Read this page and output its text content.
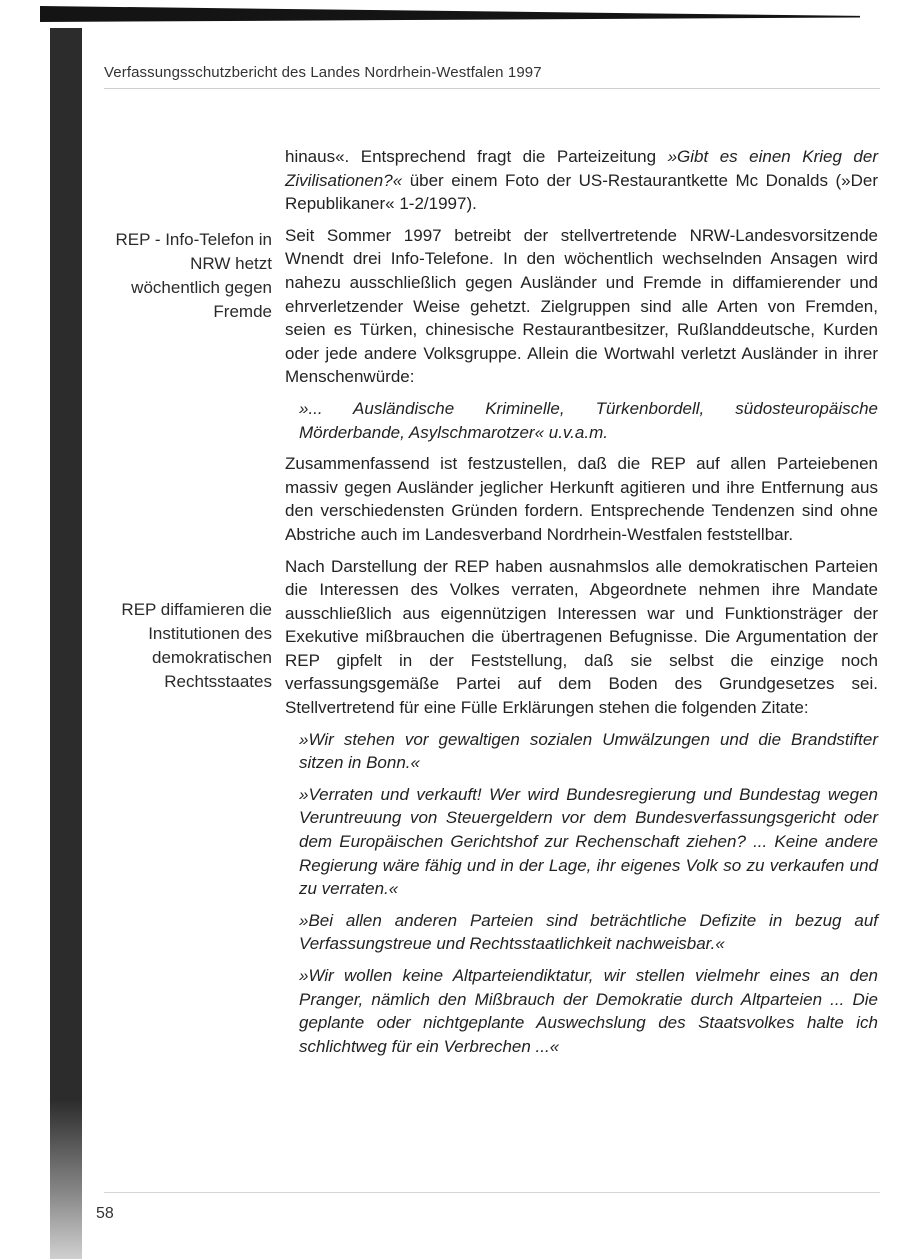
Verfassungsschutzbericht des Landes Nordrhein-Westfalen 1997

REP - Info-Telefon in NRW hetzt wöchentlich gegen Fremde

REP diffamieren die Institutionen des demokratischen Rechtsstaates

hinaus«. Entsprechend fragt die Parteizeitung »Gibt es einen Krieg der Zivilisationen?« über einem Foto der US-Restaurantkette Mc Donalds (»Der Republikaner« 1-2/1997).

Seit Sommer 1997 betreibt der stellvertretende NRW-Landesvorsitzende Wnendt drei Info-Telefone. In den wöchentlich wechselnden Ansagen wird nahezu ausschließlich gegen Ausländer und Fremde in diffamierender und ehrverletzender Weise gehetzt. Zielgruppen sind alle Arten von Fremden, seien es Türken, chinesische Restaurantbesitzer, Rußlanddeutsche, Kurden oder jede andere Volksgruppe. Allein die Wortwahl verletzt Ausländer in ihrer Menschenwürde:

»... Ausländische Kriminelle, Türkenbordell, südosteuropäische Mörderbande, Asylschmarotzer« u.v.a.m.

Zusammenfassend ist festzustellen, daß die REP auf allen Parteiebenen massiv gegen Ausländer jeglicher Herkunft agitieren und ihre Entfernung aus den verschiedensten Gründen fordern. Entsprechende Tendenzen sind ohne Abstriche auch im Landesverband Nordrhein-Westfalen feststellbar.

Nach Darstellung der REP haben ausnahmslos alle demokratischen Parteien die Interessen des Volkes verraten, Abgeordnete nehmen ihre Mandate ausschließlich aus eigennützigen Interessen war und Funktionsträger der Exekutive mißbrauchen die übertragenen Befugnisse. Die Argumentation der REP gipfelt in der Feststellung, daß sie selbst die einzige noch verfassungsgemäße Partei auf dem Boden des Grundgesetzes sei. Stellvertretend für eine Fülle Erklärungen stehen die folgenden Zitate:

»Wir stehen vor gewaltigen sozialen Umwälzungen und die Brandstifter sitzen in Bonn.«

»Verraten und verkauft! Wer wird Bundesregierung und Bundestag wegen Veruntreuung von Steuergeldern vor dem Bundesverfassungsgericht oder dem Europäischen Gerichtshof zur Rechenschaft ziehen? ... Keine andere Regierung wäre fähig und in der Lage, ihr eigenes Volk so zu verkaufen und zu verraten.«

»Bei allen anderen Parteien sind beträchtliche Defizite in bezug auf Verfassungstreue und Rechtsstaatlichkeit nachweisbar.«

»Wir wollen keine Altparteiendiktatur, wir stellen vielmehr eines an den Pranger, nämlich den Mißbrauch der Demokratie durch Altparteien ... Die geplante oder nichtgeplante Auswechslung des Staatsvolkes halte ich schlichtweg für ein Verbrechen ...«

58
